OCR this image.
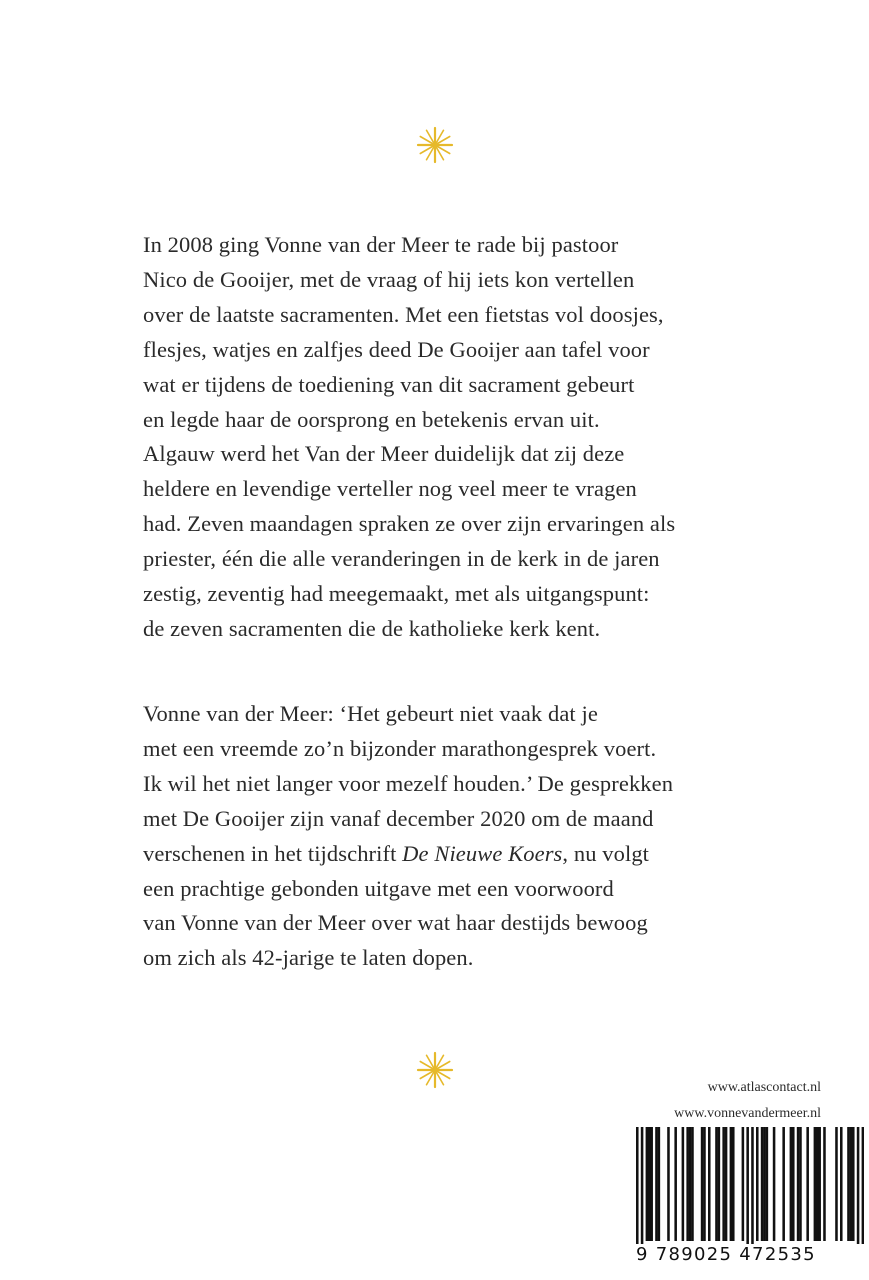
In 2008 ging Vonne van der Meer te rade bij pastoor
Nico de Gooijer, met de vraag of hij iets kon vertellen
over de laatste sacramenten. Met een fietstas vol doosjes,
flesjes, watjes en zalfjes deed De Gooijer aan tafel voor
wat er tijdens de toediening van dit sacrament gebeurt
en legde haar de oorsprong en betekenis ervan uit.
Algauw werd het Van der Meer duidelijk dat zij deze
heldere en levendige verteller nog veel meer te vragen
had. Zeven maandagen spraken ze over zijn ervaringen als
priester, één die alle veranderingen in de kerk in de jaren
zestig, zeventig had meegemaakt, met als uitgangspunt:
de zeven sacramenten die de katholieke kerk kent.

Vonne van der Meer: ‘Het gebeurt niet vaak dat je
met een vreemde zo’n bijzonder marathongesprek voert.
Ik wil het niet langer voor mezelf houden.’ De gesprekken
met De Gooijer zijn vanaf december 2020 om de maand
verschenen in het tijdschrift De Nieuwe Koers, nu volgt
een prachtige gebonden uitgave met een voorwoord
van Vonne van der Meer over wat haar destijds bewoog
om zich als 42-jarige te laten dopen.

www.atlascontact.nl
www.vonnevandermeer.nl
9 789025 472535
